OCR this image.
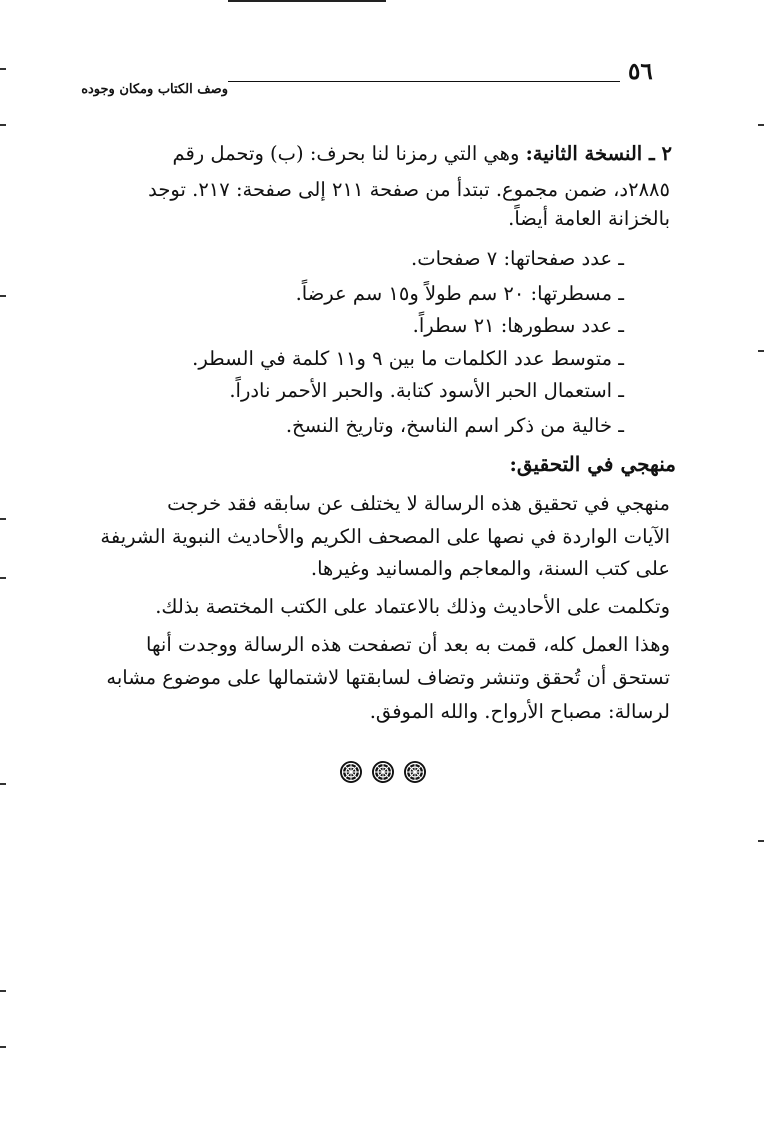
٥٦
وصف الكتاب ومكان وجوده
٢ ـ النسخة الثانية: وهي التي رمزنا لنا بحرف: (ب) وتحمل رقم
٢٨٨٥د، ضمن مجموع. تبتدأ من صفحة ٢١١ إلى صفحة: ٢١٧. توجد
بالخزانة العامة أيضاً.
ـ عدد صفحاتها: ٧ صفحات.
ـ مسطرتها: ٢٠ سم طولاً و١٥ سم عرضاً.
ـ عدد سطورها: ٢١ سطراً.
ـ متوسط عدد الكلمات ما بين ٩ و١١ كلمة في السطر.
ـ استعمال الحبر الأسود كتابة. والحبر الأحمر نادراً.
ـ خالية من ذكر اسم الناسخ، وتاريخ النسخ.
منهجي في التحقيق:
منهجي في تحقيق هذه الرسالة لا يختلف عن سابقه فقد خرجت
الآيات الواردة في نصها على المصحف الكريم والأحاديث النبوية الشريفة
على كتب السنة، والمعاجم والمسانيد وغيرها.
وتكلمت على الأحاديث وذلك بالاعتماد على الكتب المختصة بذلك.
وهذا العمل كله، قمت به بعد أن تصفحت هذه الرسالة ووجدت أنها
تستحق أن تُحقق وتنشر وتضاف لسابقتها لاشتمالها على موضوع مشابه
لرسالة: مصباح الأرواح. والله الموفق.
